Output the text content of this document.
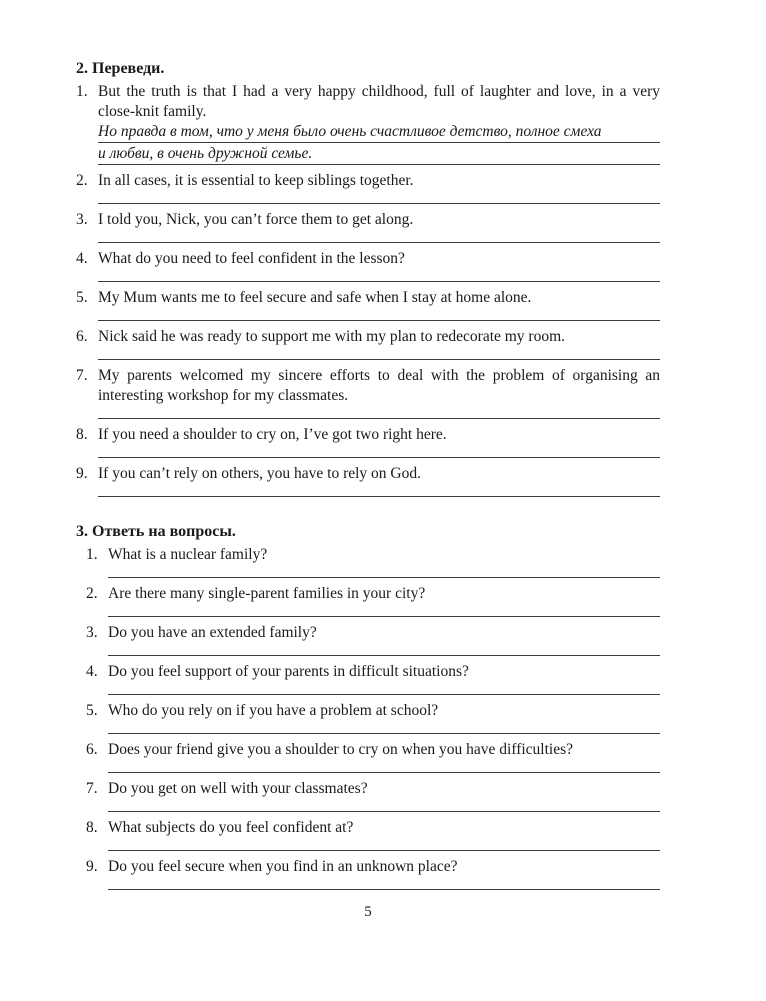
2. Переведи.
1. But the truth is that I had a very happy childhood, full of laughter and love, in a very close-knit family.
Но правда в том, что у меня было очень счастливое детство, полное смеха
и любви, в очень дружной семье.
2. In all cases, it is essential to keep siblings together.
3. I told you, Nick, you can’t force them to get along.
4. What do you need to feel confident in the lesson?
5. My Mum wants me to feel secure and safe when I stay at home alone.
6. Nick said he was ready to support me with my plan to redecorate my room.
7. My parents welcomed my sincere efforts to deal with the problem of organising an interesting workshop for my classmates.
8. If you need a shoulder to cry on, I’ve got two right here.
9. If you can’t rely on others, you have to rely on God.
3. Ответь на вопросы.
1. What is a nuclear family?
2. Are there many single-parent families in your city?
3. Do you have an extended family?
4. Do you feel support of your parents in difficult situations?
5. Who do you rely on if you have a problem at school?
6. Does your friend give you a shoulder to cry on when you have difficulties?
7. Do you get on well with your classmates?
8. What subjects do you feel confident at?
9. Do you feel secure when you find in an unknown place?
5
